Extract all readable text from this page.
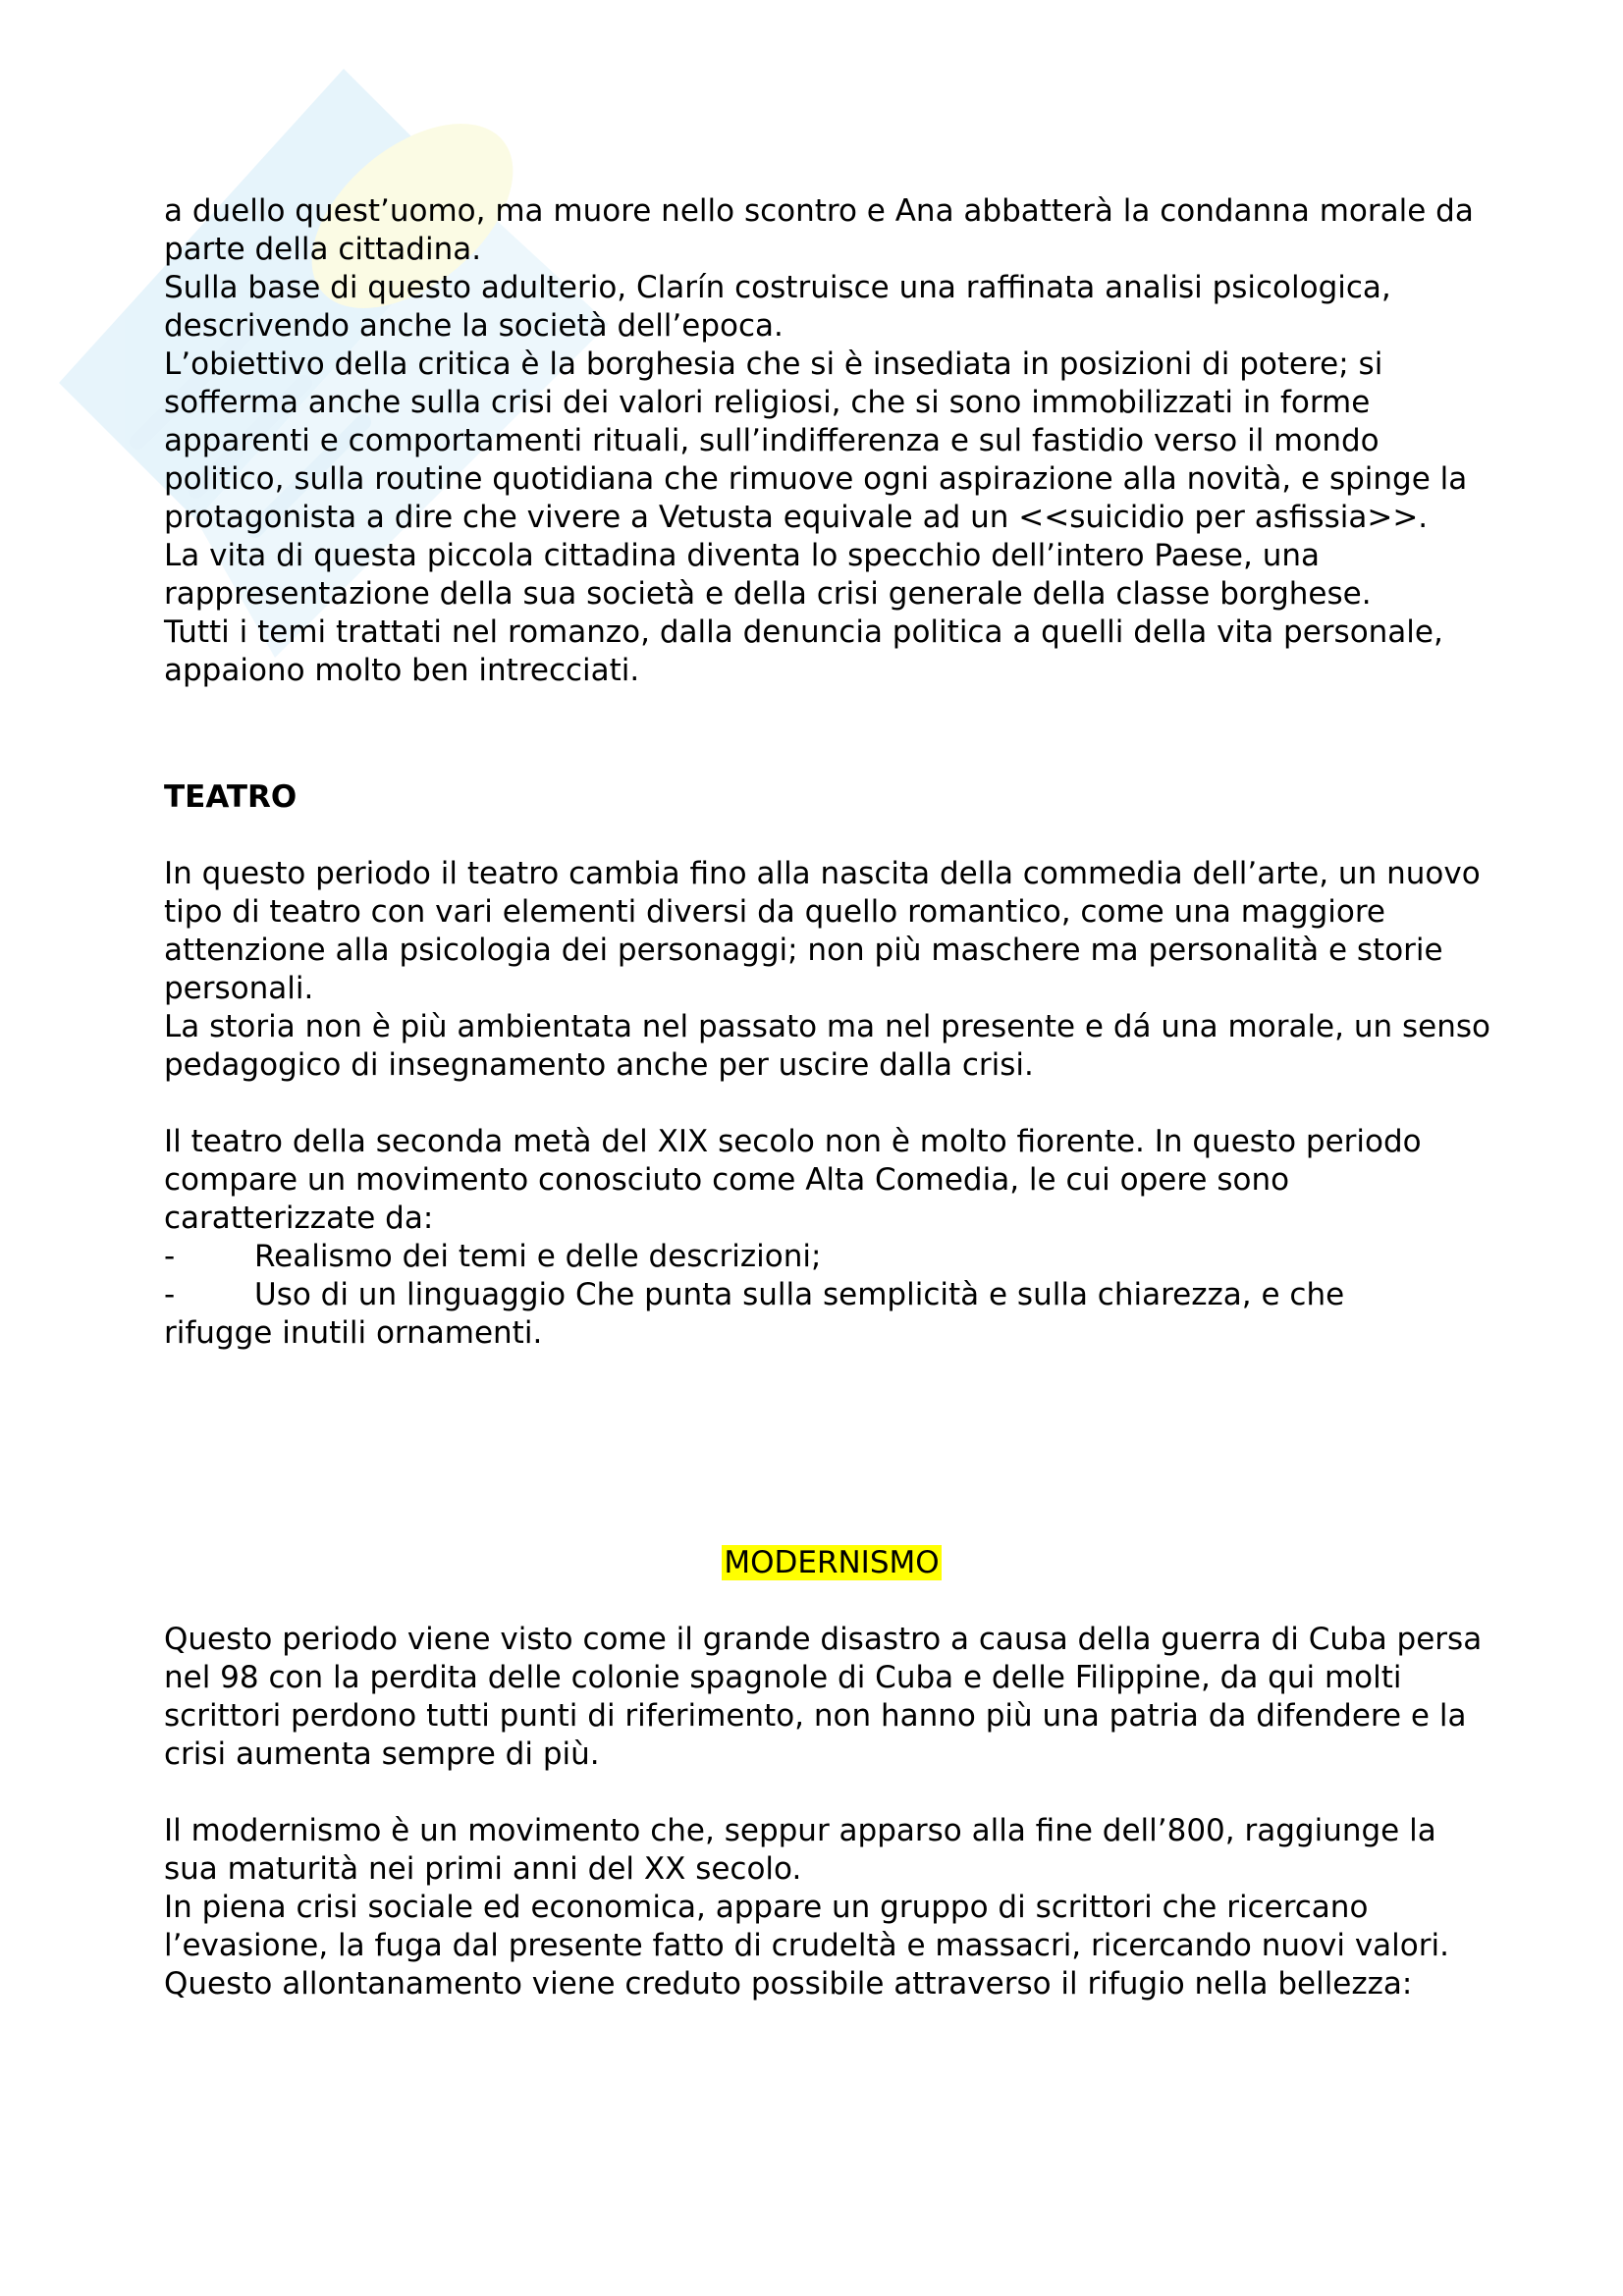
a duello quest’uomo, ma muore nello scontro e Ana abbatterà la condanna morale da parte della cittadina.

Sulla base di questo adulterio, Clarín costruisce una raffinata analisi psicologica, descrivendo anche la società dell’epoca.

L’obiettivo della critica è la borghesia che si è insediata in posizioni di potere; si sofferma anche sulla crisi dei valori religiosi, che si sono immobilizzati in forme apparenti e comportamenti rituali, sull’indifferenza e sul fastidio verso il mondo politico, sulla routine quotidiana che rimuove ogni aspirazione alla novità, e spinge la protagonista a dire che vivere a Vetusta equivale ad un <<suicidio per asfissia>>.

La vita di questa piccola cittadina diventa lo specchio dell’intero Paese, una rappresentazione della sua società e della crisi generale della classe borghese.

Tutti i temi trattati nel romanzo, dalla denuncia politica a quelli della vita personale, appaiono molto ben intrecciati.

TEATRO

In questo periodo il teatro cambia fino alla nascita della commedia dell’arte, un nuovo tipo di teatro con vari elementi diversi da quello romantico, come una maggiore attenzione alla psicologia dei personaggi; non più maschere ma personalità e storie personali.

La storia non è più ambientata nel passato ma nel presente e dá una morale, un senso pedagogico di insegnamento anche per uscire dalla crisi.

Il teatro della seconda metà del XIX secolo non è molto fiorente. In questo periodo compare un movimento conosciuto come Alta Comedia, le cui opere sono caratterizzate da:

-	Realismo dei temi e delle descrizioni;
-	Uso di un linguaggio Che punta sulla semplicità e sulla chiarezza, e che

rifugge inutili ornamenti.

MODERNISMO

Questo periodo viene visto come il grande disastro a causa della guerra di Cuba persa nel 98 con la perdita delle colonie spagnole di Cuba e delle Filippine, da qui molti scrittori perdono tutti punti di riferimento, non hanno più una patria da difendere e la crisi aumenta sempre di più.

Il modernismo è un movimento che, seppur apparso alla fine dell’800, raggiunge la sua maturità nei primi anni del XX secolo.

In piena crisi sociale ed economica, appare un gruppo di scrittori che ricercano l’evasione, la fuga dal presente fatto di crudeltà e massacri, ricercando nuovi valori.

Questo allontanamento viene creduto possibile attraverso il rifugio nella bellezza:
